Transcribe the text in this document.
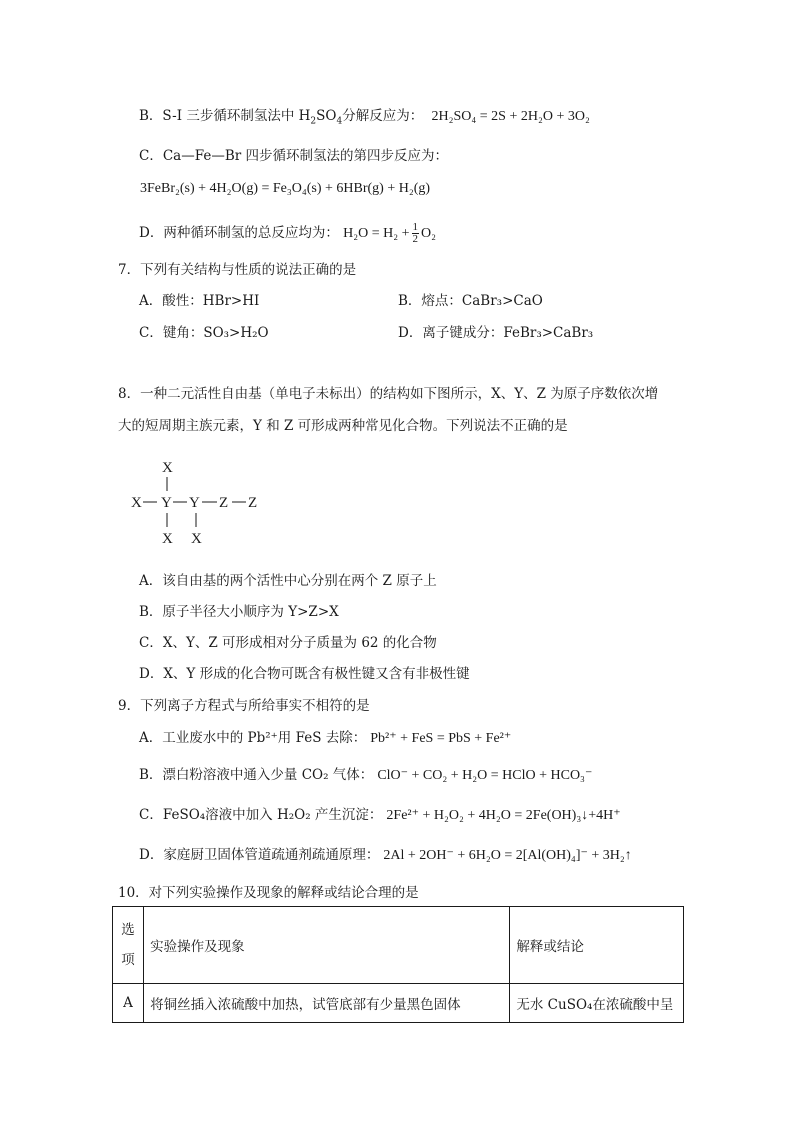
B．S-I 三步循环制氢法中 $H_2SO_4$分解反应为： 2H₂SO₄ = 2S + 2H₂O + 3O₂
C．Ca—Fe—Br 四步循环制氢法的第四步反应为：
3FeBr₂(s) + 4H₂O(g) = Fe₃O₄(s) + 6HBr(g) + H₂(g)
D．两种循环制氢的总反应均为： $H_2O = H_2 + \frac{1}{2} O_2$
7．下列有关结构与性质的说法正确的是
A．酸性：HBr>HI	B．熔点：CaBr₃>CaO
C．键角：SO₃>H₂O	D．离子键成分：FeBr₃>CaBr₃
8．一种二元活性自由基（单电子未标出）的结构如下图所示，X、Y、Z 为原子序数依次增
大的短周期主族元素，Y 和 Z 可形成两种常见化合物。下列说法不正确的是
X
X Y Y Z Z
X X
A．该自由基的两个活性中心分别在两个 Z 原子上
B．原子半径大小顺序为 Y>Z>X
C．X、Y、Z 可形成相对分子质量为 62 的化合物
D．X、Y 形成的化合物可既含有极性键又含有非极性键
9．下列离子方程式与所给事实不相符的是
A．工业废水中的 Pb²⁺用 FeS 去除： Pb²⁺ + FeS = PbS + Fe²⁺
B．漂白粉溶液中通入少量 CO₂ 气体： ClO⁻ + CO₂ + H₂O = HClO + HCO₃⁻
C．FeSO₄溶液中加入 H₂O₂ 产生沉淀： 2Fe²⁺ + H₂O₂ + 4H₂O = 2Fe(OH)₃↓+4H⁺
D．家庭厨卫固体管道疏通剂疏通原理： 2Al + 2OH⁻ + 6H₂O = 2[Al(OH)₄]⁻ + 3H₂↑
10．对下列实验操作及现象的解释或结论合理的是
选项	实验操作及现象	解释或结论
A	将铜丝插入浓硫酸中加热，试管底部有少量黑色固体	无水 CuSO₄在浓硫酸中呈
